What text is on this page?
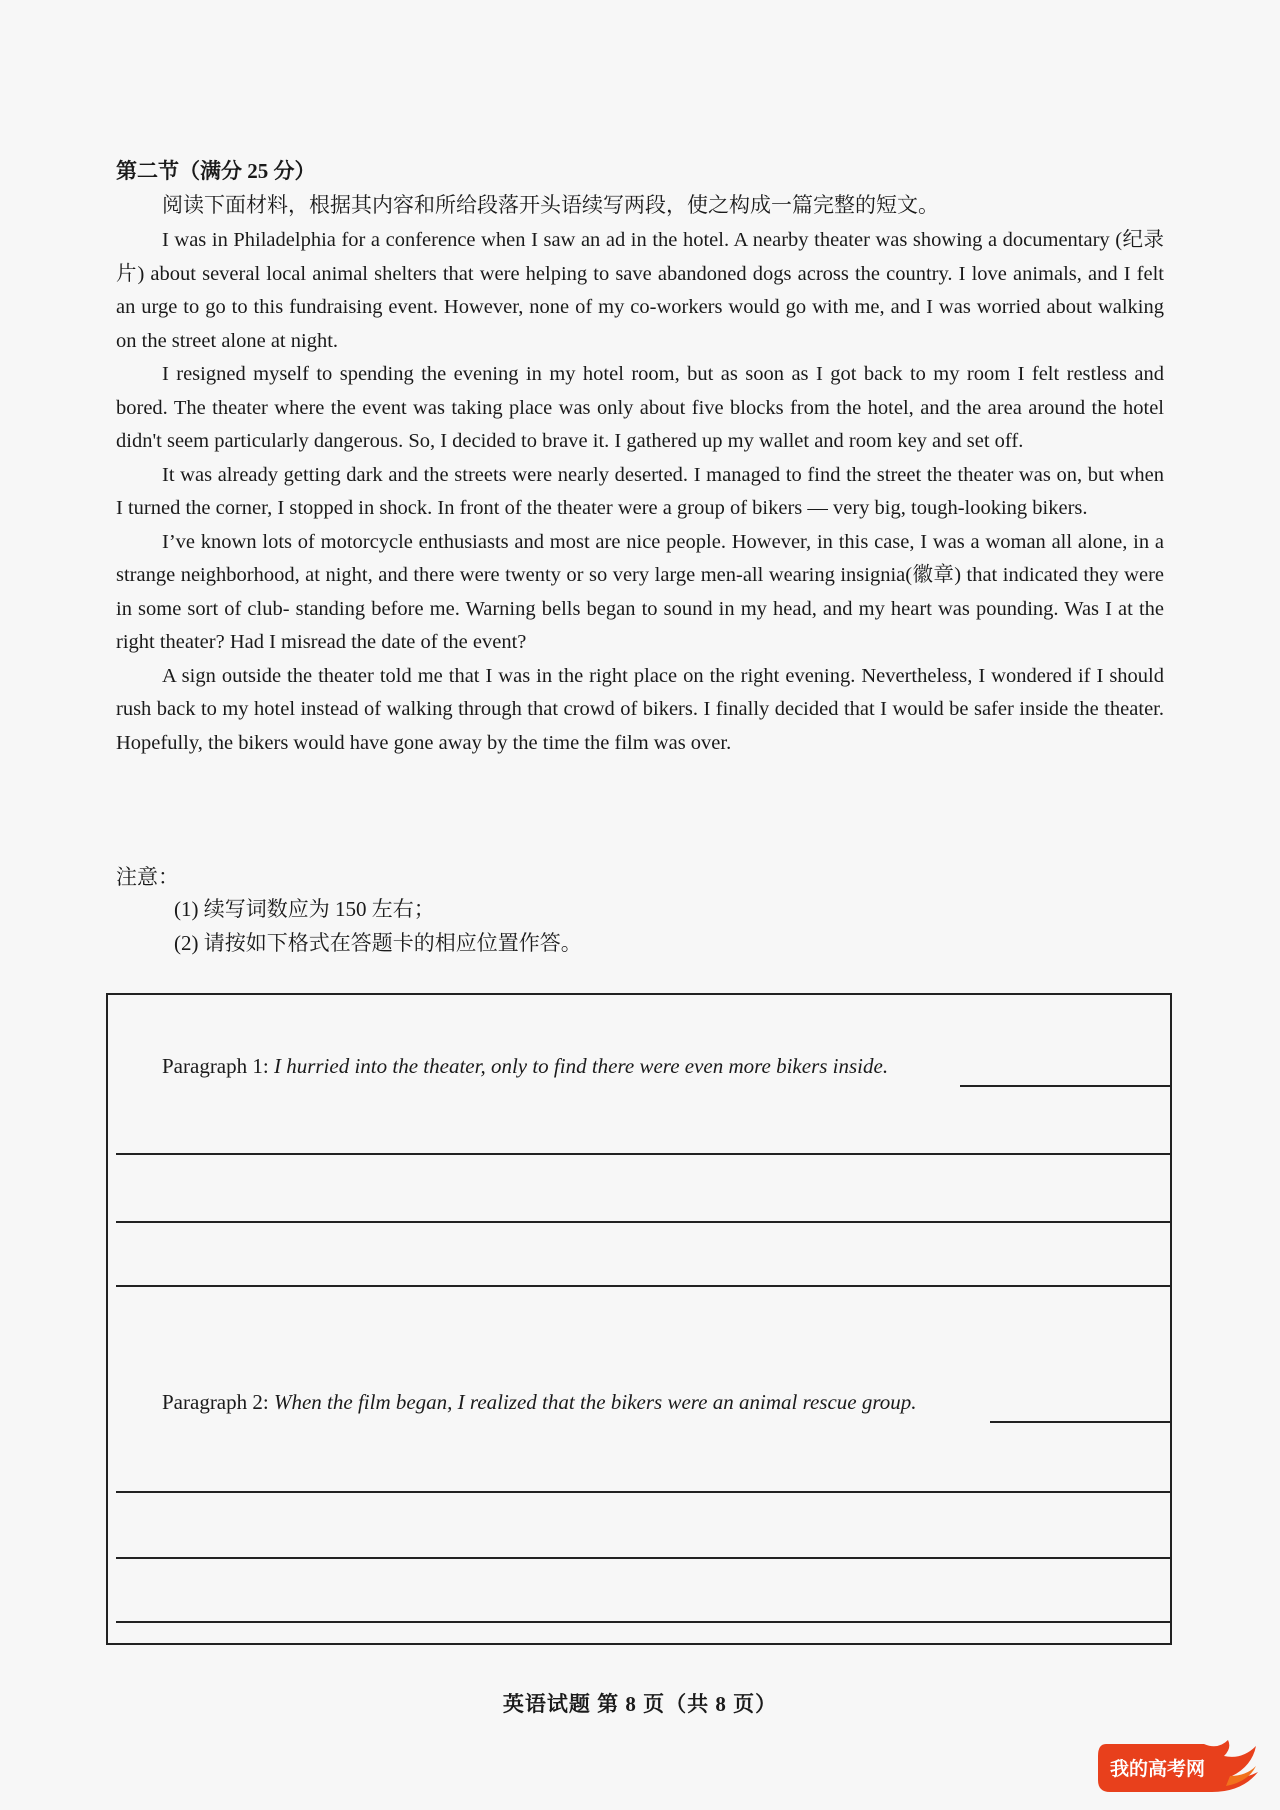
第二节（满分 25 分）
阅读下面材料，根据其内容和所给段落开头语续写两段，使之构成一篇完整的短文。

I was in Philadelphia for a conference when I saw an ad in the hotel. A nearby theater was showing a documentary (纪录片) about several local animal shelters that were helping to save abandoned dogs across the country. I love animals, and I felt an urge to go to this fundraising event. However, none of my co-workers would go with me, and I was worried about walking on the street alone at night.

I resigned myself to spending the evening in my hotel room, but as soon as I got back to my room I felt restless and bored. The theater where the event was taking place was only about five blocks from the hotel, and the area around the hotel didn't seem particularly dangerous. So, I decided to brave it. I gathered up my wallet and room key and set off.

It was already getting dark and the streets were nearly deserted. I managed to find the street the theater was on, but when I turned the corner, I stopped in shock. In front of the theater were a group of bikers — very big, tough-looking bikers.

I’ve known lots of motorcycle enthusiasts and most are nice people. However, in this case, I was a woman all alone, in a strange neighborhood, at night, and there were twenty or so very large men-all wearing insignia(徽章) that indicated they were in some sort of club- standing before me. Warning bells began to sound in my head, and my heart was pounding. Was I at the right theater? Had I misread the date of the event?

A sign outside the theater told me that I was in the right place on the right evening. Nevertheless, I wondered if I should rush back to my hotel instead of walking through that crowd of bikers. I finally decided that I would be safer inside the theater. Hopefully, the bikers would have gone away by the time the film was over.

注意：
(1) 续写词数应为 150 左右；
(2) 请按如下格式在答题卡的相应位置作答。
Paragraph 1: I hurried into the theater, only to find there were even more bikers inside.
Paragraph 2: When the film began, I realized that the bikers were an animal rescue group.
英语试题 第 8 页（共 8 页）
我的高考网
